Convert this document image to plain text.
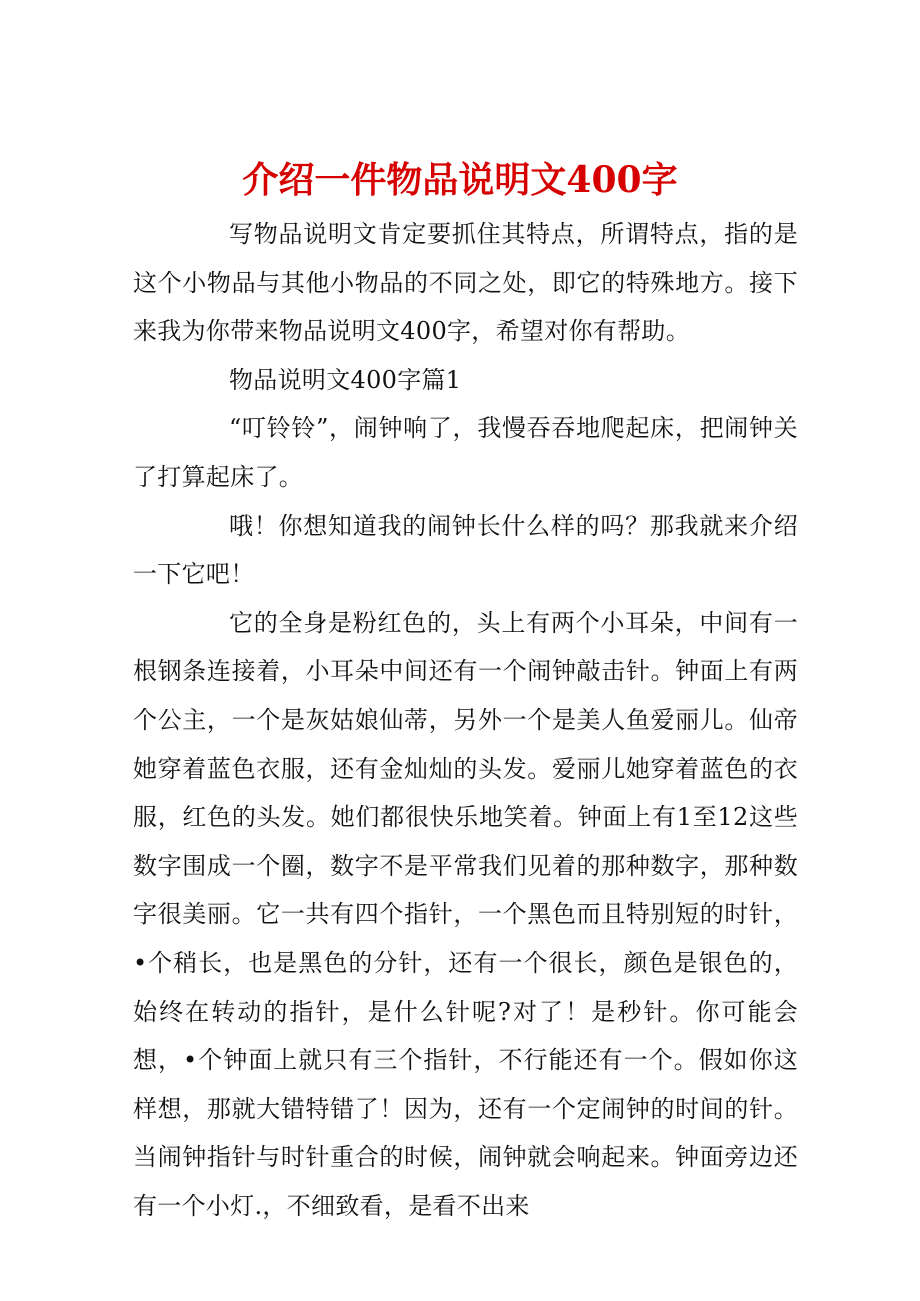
介绍一件物品说明文400字

写物品说明文肯定要抓住其特点，所谓特点，指的是这个小物品与其他小物品的不同之处，即它的特殊地方。接下来我为你带来物品说明文400字，希望对你有帮助。

物品说明文400字篇1

“叮铃铃”，闹钟响了，我慢吞吞地爬起床，把闹钟关了打算起床了。

哦！你想知道我的闹钟长什么样的吗？那我就来介绍一下它吧！

它的全身是粉红色的，头上有两个小耳朵，中间有一根钢条连接着，小耳朵中间还有一个闹钟敲击针。钟面上有两个公主，一个是灰姑娘仙蒂，另外一个是美人鱼爱丽儿。仙帝她穿着蓝色衣服，还有金灿灿的头发。爱丽儿她穿着蓝色的衣服，红色的头发。她们都很快乐地笑着。钟面上有1至12这些数字围成一个圈，数字不是平常我们见着的那种数字，那种数字很美丽。它一共有四个指针，一个黑色而且特别短的时针，•个稍长，也是黑色的分针，还有一个很长，颜色是银色的，始终在转动的指针，是什么针呢?对了！是秒针。你可能会想，•个钟面上就只有三个指针，不行能还有一个。假如你这样想，那就大错特错了！因为，还有一个定闹钟的时间的针。当闹钟指针与时针重合的时候，闹钟就会响起来。钟面旁边还有一个小灯.，不细致看，是看不出来
